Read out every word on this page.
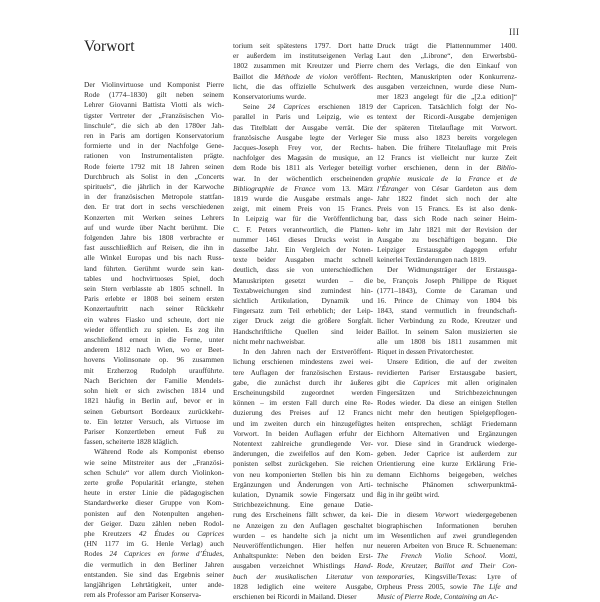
III
Vorwort

Der Violinvirtuose und Komponist Pierre
Rode (1774–1830) gilt neben seinem
Lehrer Giovanni Battista Viotti als wich-
tigster Vertreter der „Französischen Vio-
linschule“, die sich ab den 1780er Jah-
ren in Paris am dortigen Konservatorium
formierte und in der Nachfolge Gene-
rationen von Instrumentalisten prägte.
Rode feierte 1792 mit 18 Jahren seinen
Durchbruch als Solist in den „Concerts
spirituels“, die jährlich in der Karwoche
in der französischen Metropole stattfan-
den. Er trat dort in sechs verschiedenen
Konzerten mit Werken seines Lehrers
auf und wurde über Nacht berühmt. Die
folgenden Jahre bis 1808 verbrachte er
fast ausschließlich auf Reisen, die ihn in
alle Winkel Europas und bis nach Russ-
land führten. Gerühmt wurde sein kan-
tables und hochvirtuoses Spiel, doch
sein Stern verblasste ab 1805 schnell. In
Paris erlebte er 1808 bei seinem ersten
Konzertauftritt nach seiner Rückkehr
ein wahres Fiasko und scheute, dort nie
wieder öffentlich zu spielen. Es zog ihn
anschließend erneut in die Ferne, unter
anderem 1812 nach Wien, wo er Beet-
hovens Violinsonate op. 96 zusammen
mit Erzherzog Rudolph uraufführte.
Nach Berichten der Familie Mendels-
sohn hielt er sich zwischen 1814 und
1821 häufig in Berlin auf, bevor er in
seinen Geburtsort Bordeaux zurückkehr-
te. Ein letzter Versuch, als Virtuose im
Pariser Konzertleben erneut Fuß zu
fassen, scheiterte 1828 kläglich.

Während Rode als Komponist ebenso
wie seine Mitstreiter aus der „Französi-
schen Schule“ vor allem durch Violinkon-
zerte große Popularität erlangte, stehen
heute in erster Linie die pädagogischen
Standardwerke dieser Gruppe von Kom-
ponisten auf den Notenpulten angehen-
der Geiger. Dazu zählen neben Rodol-
phe Kreutzers 42 Études ou Caprices
(HN 1177 im G. Henle Verlag) auch
Rodes 24 Caprices en forme d’Études,
die vermutlich in den Berliner Jahren
entstanden. Sie sind das Ergebnis seiner
langjährigen Lehrtätigkeit, unter ande-
rem als Professor am Pariser Konserva-

torium seit spätestens 1797. Dort hatte
er außerdem im institutseigenen Verlag
1802 zusammen mit Kreutzer und Pierre
Baillot die Méthode de violon veröffent-
licht, die das offizielle Schulwerk des
Konservatoriums wurde.

Seine 24 Caprices erschienen 1819
parallel in Paris und Leipzig, wie es
das Titelblatt der Ausgabe verrät. Die
französische Ausgabe legte der Verleger
Jacques-Joseph Frey vor, der Rechts-
nachfolger des Magasin de musique, an
dem Rode bis 1811 als Verleger beteiligt
war. In der wöchentlich erscheinenden
Bibliographie de France vom 13. März
1819 wurde die Ausgabe erstmals ange-
zeigt, mit einem Preis von 15 Francs.
In Leipzig war für die Veröffentlichung
C. F. Peters verantwortlich, die Platten-
nummer 1461 dieses Drucks weist in
dasselbe Jahr. Ein Vergleich der Noten-
texte beider Ausgaben macht schnell
deutlich, dass sie von unterschiedlichen
Manuskripten gesetzt wurden – die
Textabweichungen sind zumindest hin-
sichtlich Artikulation, Dynamik und
Fingersatz zum Teil erheblich; der Leip-
ziger Druck zeigt die größere Sorgfalt.
Handschriftliche Quellen sind leider
nicht mehr nachweisbar.

In den Jahren nach der Erstveröffent-
lichung erschienen mindestens zwei wei-
tere Auflagen der französischen Erstaus-
gabe, die zunächst durch ihr äußeres
Erscheinungsbild zugeordnet werden
können – im ersten Fall durch eine Re-
duzierung des Preises auf 12 Francs
und im zweiten durch ein hinzugefügtes
Vorwort. In beiden Auflagen erfuhr der
Notentext zahlreiche grundlegende Ver-
änderungen, die zweifellos auf den Kom-
ponisten selbst zurückgehen. Sie reichen
von neu komponierten Stellen bis hin zu
Ergänzungen und Änderungen von Arti-
kulation, Dynamik sowie Fingersatz und
Strichbezeichnung. Eine genaue Datie-
rung des Erscheinens fällt schwer, da kei-
ne Anzeigen zu den Auflagen geschaltet
wurden – es handelte sich ja nicht um
Neuveröffentlichungen. Hier helfen nur
Anhaltspunkte: Neben den beiden Erst-
ausgaben verzeichnet Whistlings Hand-
buch der musikalischen Literatur von
1828 lediglich eine weitere Ausgabe,
erschienen bei Ricordi in Mailand. Dieser

Druck trägt die Plattennummer 1400.
Laut den „Librone“, den Erwerbsbü-
chern des Verlags, die den Einkauf von
Rechten, Manuskripten oder Konkurrenz-
ausgaben verzeichnen, wurde diese Num-
mer 1823 angelegt für die „[2.a edition]“
der Capricen. Tatsächlich folgt der No-
tentext der Ricordi-Ausgabe demjenigen
der späteren Titelauflage mit Vorwort.
Sie muss also 1823 bereits vorgelegen
haben. Die frühere Titelauflage mit Preis
12 Francs ist vielleicht nur kurze Zeit
vorher erschienen, denn in der Biblio-
graphie musicale de la France et de
l’Étranger von César Gardeton aus dem
Jahr 1822 findet sich noch der alte
Preis von 15 Francs. Es ist also denk-
bar, dass sich Rode nach seiner Heim-
kehr im Jahr 1821 mit der Revision der
Ausgabe zu beschäftigen begann. Die
Leipziger Erstausgabe dagegen erfuhr
keinerlei Textänderungen nach 1819.

Der Widmungsträger der Erstausga-
be, François Joseph Philippe de Riquet
(1771–1843), Comte de Caraman und
16. Prince de Chimay von 1804 bis
1843, stand vermutlich in freundschaft-
licher Verbindung zu Rode, Kreutzer und
Baillot. In seinem Salon musizierten sie
alle um 1808 bis 1811 zusammen mit
Riquet in dessen Privatorchester.

Unsere Edition, die auf der zweiten
revidierten Pariser Erstausgabe basiert,
gibt die Caprices mit allen originalen
Fingersätzen und Strichbezeichnungen
Rodes wieder. Da diese an einigen Stellen
nicht mehr den heutigen Spielgepflogen-
heiten entsprechen, schlägt Friedemann
Eichhorn Alternativen und Ergänzungen
vor. Diese sind in Grandruck wiederge-
geben. Jeder Caprice ist außerdem zur
Orientierung eine kurze Erklärung Frie-
demann Eichhorns beigegeben, welches
technische Phänomen schwerpunktmä-
ßig in ihr geübt wird.

Die in diesem Vorwort wiedergegebenen
biographischen Informationen beruhen
im Wesentlichen auf zwei grundlegenden
neueren Arbeiten von Bruce R. Schueneman:
The French Violin School. Viotti,
Rode, Kreutzer, Baillot and Their Con-
temporaries, Kingsville/Texas: Lyre of
Orpheus Press 2005, sowie The Life and
Music of Pierre Rode, Containing an Ac-
